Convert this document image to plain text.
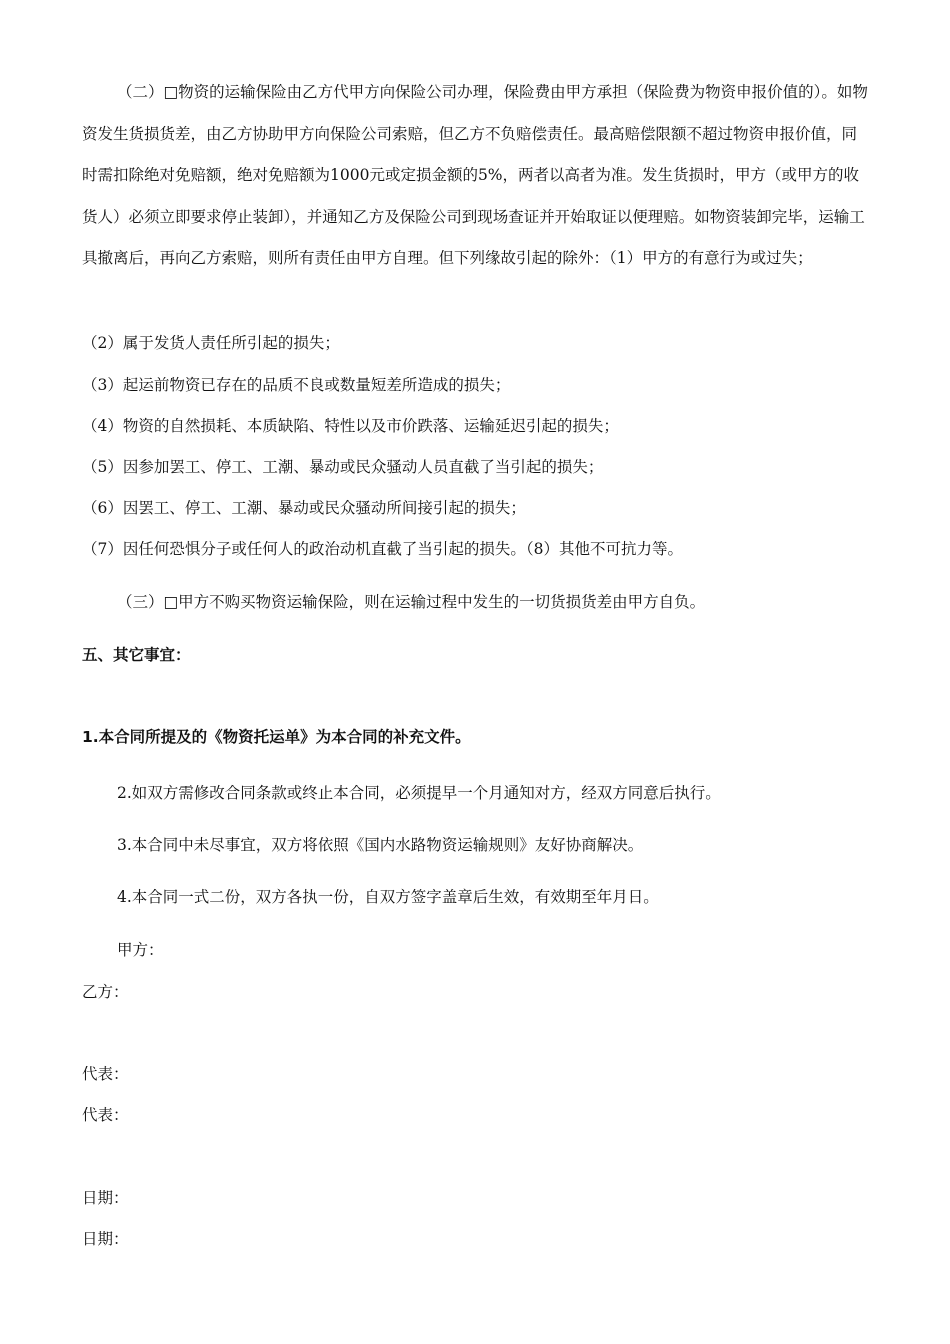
（二）□物资的运输保险由乙方代甲方向保险公司办理，保险费由甲方承担（保险费为物资申报价值的）。如物资发生货损货差，由乙方协助甲方向保险公司索赔，但乙方不负赔偿责任。最高赔偿限额不超过物资申报价值，同时需扣除绝对免赔额，绝对免赔额为1000元或定损金额的5%，两者以高者为准。发生货损时，甲方（或甲方的收货人）必须立即要求停止装卸），并通知乙方及保险公司到现场查证并开始取证以便理赔。如物资装卸完毕，运输工具撤离后，再向乙方索赔，则所有责任由甲方自理。但下列缘故引起的除外：（1）甲方的有意行为或过失；

（2）属于发货人责任所引起的损失；

（3）起运前物资已存在的品质不良或数量短差所造成的损失；

（4）物资的自然损耗、本质缺陷、特性以及市价跌落、运输延迟引起的损失；

（5）因参加罢工、停工、工潮、暴动或民众骚动人员直截了当引起的损失；

（6）因罢工、停工、工潮、暴动或民众骚动所间接引起的损失；

（7）因任何恐惧分子或任何人的政治动机直截了当引起的损失。（8）其他不可抗力等。

（三）□甲方不购买物资运输保险，则在运输过程中发生的一切货损货差由甲方自负。

五、其它事宜：

1.本合同所提及的《物资托运单》为本合同的补充文件。

2.如双方需修改合同条款或终止本合同，必须提早一个月通知对方，经双方同意后执行。

3.本合同中未尽事宜，双方将依照《国内水路物资运输规则》友好协商解决。

4.本合同一式二份，双方各执一份，自双方签字盖章后生效，有效期至年月日。

甲方：

乙方：

代表：

代表：

日期：

日期：
